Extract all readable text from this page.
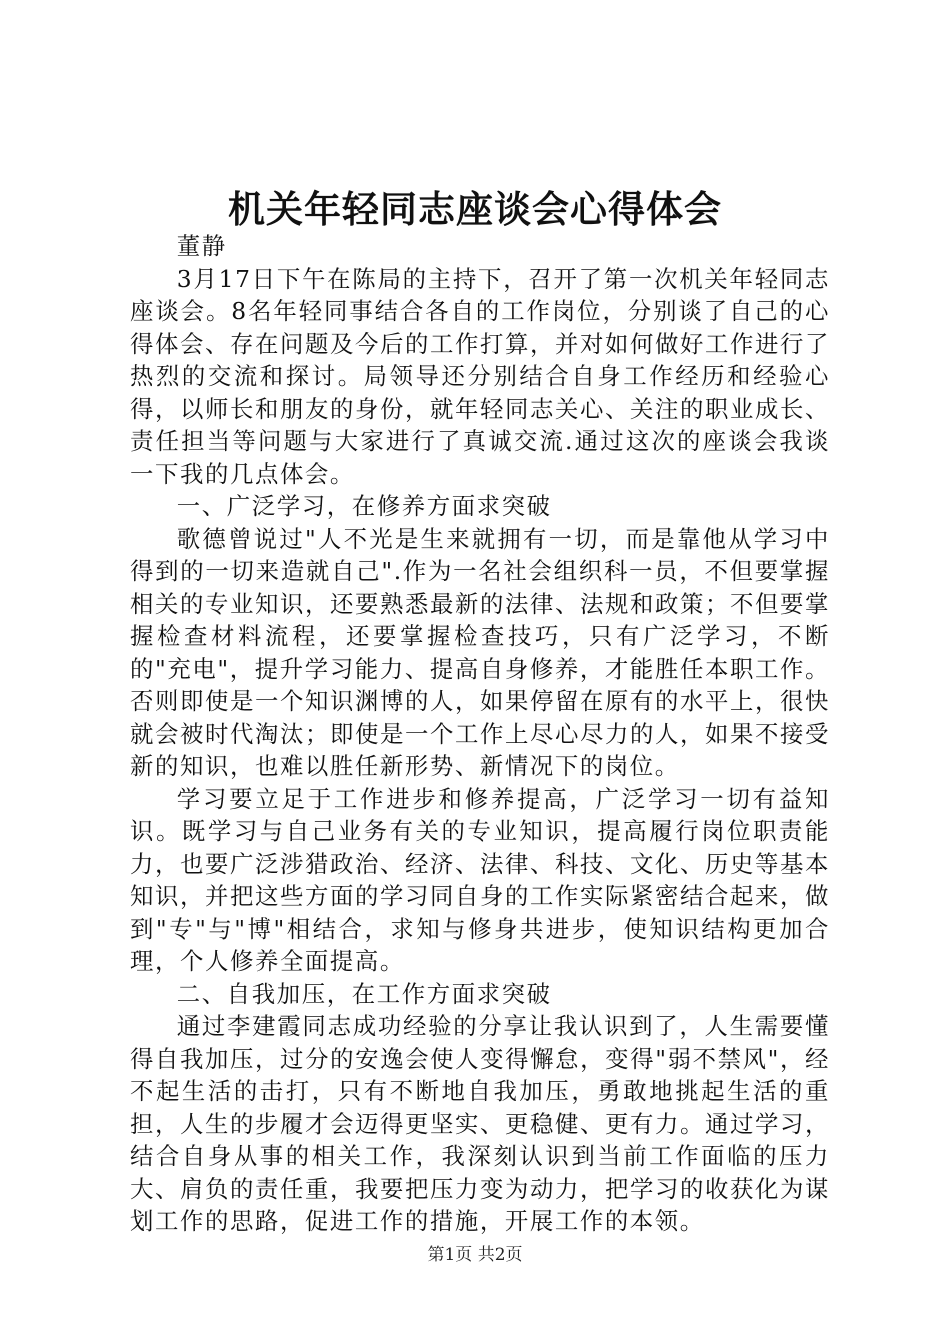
机关年轻同志座谈会心得体会

董静

3月17日下午在陈局的主持下，召开了第一次机关年轻同志座谈会。8名年轻同事结合各自的工作岗位，分别谈了自己的心得体会、存在问题及今后的工作打算，并对如何做好工作进行了热烈的交流和探讨。局领导还分别结合自身工作经历和经验心得，以师长和朋友的身份，就年轻同志关心、关注的职业成长、责任担当等问题与大家进行了真诚交流.通过这次的座谈会我谈一下我的几点体会。

一、广泛学习，在修养方面求突破

歌德曾说过"人不光是生来就拥有一切，而是靠他从学习中得到的一切来造就自己".作为一名社会组织科一员，不但要掌握相关的专业知识，还要熟悉最新的法律、法规和政策；不但要掌握检查材料流程，还要掌握检查技巧，只有广泛学习，不断的"充电"，提升学习能力、提高自身修养，才能胜任本职工作。否则即使是一个知识渊博的人，如果停留在原有的水平上，很快就会被时代淘汰；即使是一个工作上尽心尽力的人，如果不接受新的知识，也难以胜任新形势、新情况下的岗位。

学习要立足于工作进步和修养提高，广泛学习一切有益知识。既学习与自己业务有关的专业知识，提高履行岗位职责能力，也要广泛涉猎政治、经济、法律、科技、文化、历史等基本知识，并把这些方面的学习同自身的工作实际紧密结合起来，做到"专"与"博"相结合，求知与修身共进步，使知识结构更加合理，个人修养全面提高。

二、自我加压，在工作方面求突破

通过李建霞同志成功经验的分享让我认识到了，人生需要懂得自我加压，过分的安逸会使人变得懈怠，变得"弱不禁风"，经不起生活的击打，只有不断地自我加压，勇敢地挑起生活的重担，人生的步履才会迈得更坚实、更稳健、更有力。通过学习，结合自身从事的相关工作，我深刻认识到当前工作面临的压力大、肩负的责任重，我要把压力变为动力，把学习的收获化为谋划工作的思路，促进工作的措施，开展工作的本领。

第1页 共2页
